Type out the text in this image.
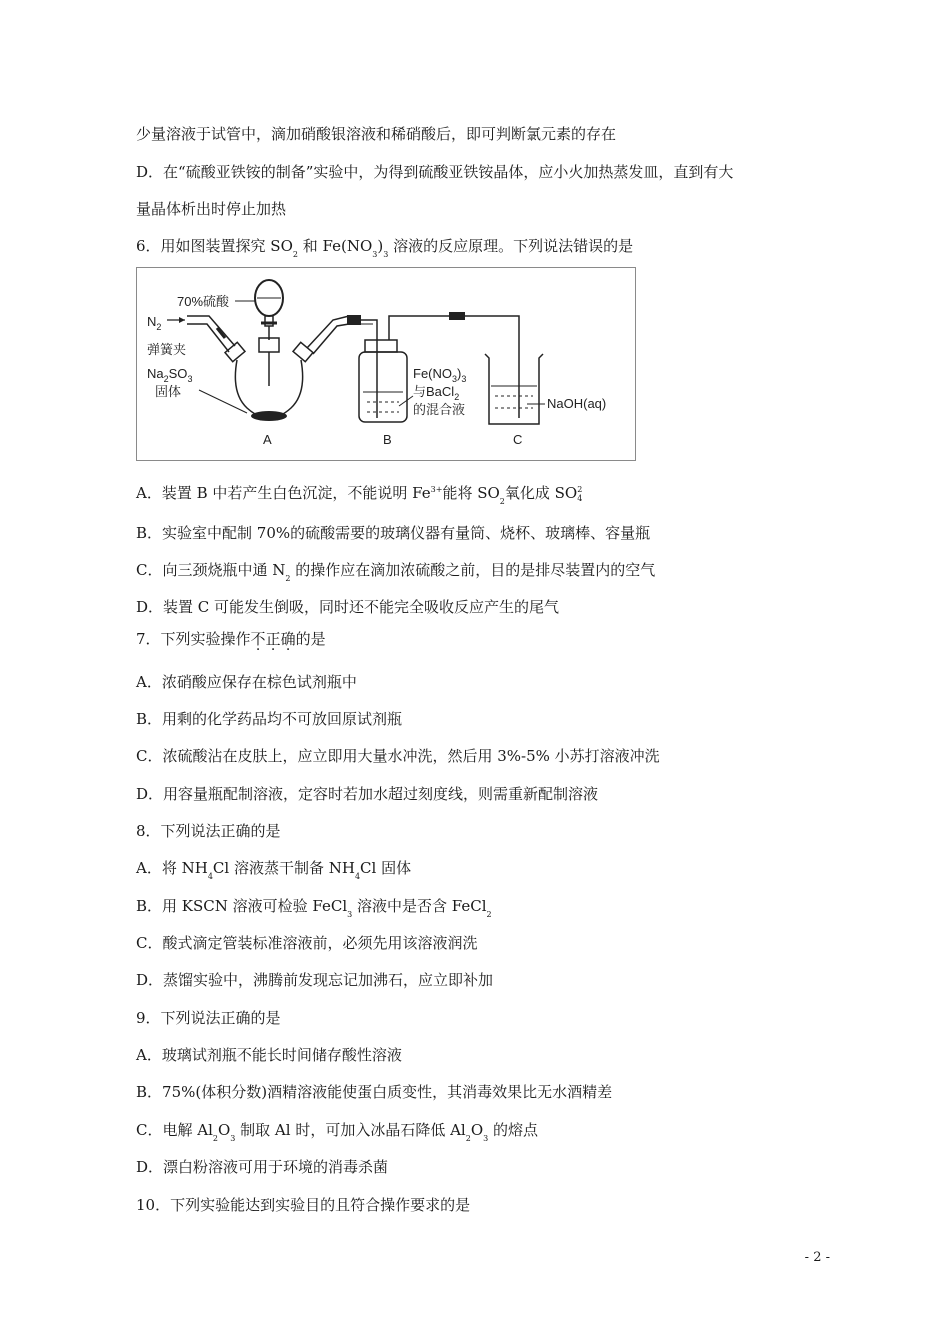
少量溶液于试管中，滴加硝酸银溶液和稀硝酸后，即可判断氯元素的存在
D．在“硫酸亚铁铵的制备”实验中，为得到硫酸亚铁铵晶体，应小火加热蒸发皿，直到有大
量晶体析出时停止加热
6．用如图装置探究 $SO_2$ 和 $Fe(NO_3)_3$ 溶液的反应原理。下列说法错误的是
70%硫酸
$N_2$
弹簧夹
$Na_2SO_3$
固体
A	B
$Fe(NO_3)_3$
与BaCl$_2$
的混合液	NaOH(aq)
C
A．装置 B 中若产生白色沉淀，不能说明 $Fe^{3+}$能将 $SO_2$氧化成 SO 2
4
B．实验室中配制 70%的硫酸需要的玻璃仪器有量筒、烧杯、玻璃棒、容量瓶
C．向三颈烧瓶中通 $N_2$ 的操作应在滴加浓硫酸之前，目的是排尽装置内的空气
D．装置 C 可能发生倒吸，同时还不能完全吸收反应产生的尾气
7．下列实验操作不正确的是
A．浓硝酸应保存在棕色试剂瓶中
B．用剩的化学药品均不可放回原试剂瓶
C．浓硫酸沾在皮肤上，应立即用大量水冲洗，然后用 3%-5% 小苏打溶液冲洗
D．用容量瓶配制溶液，定容时若加水超过刻度线，则需重新配制溶液
8．下列说法正确的是
A．将 $NH_4Cl$ 溶液蒸干制备 $NH_4Cl$ 固体
B．用 KSCN 溶液可检验 FeCl$_3$ 溶液中是否含 FeCl$_2$
C．酸式滴定管装标准溶液前，必须先用该溶液润洗
D．蒸馏实验中，沸腾前发现忘记加沸石，应立即补加
9．下列说法正确的是
A．玻璃试剂瓶不能长时间储存酸性溶液
B．75%(体积分数)酒精溶液能使蛋白质变性，其消毒效果比无水酒精差
C．电解 $Al_2O_3$ 制取 Al 时，可加入冰晶石降低 $Al_2O_3$ 的熔点
D．漂白粉溶液可用于环境的消毒杀菌
10．下列实验能达到实验目的且符合操作要求的是
- 2 -
